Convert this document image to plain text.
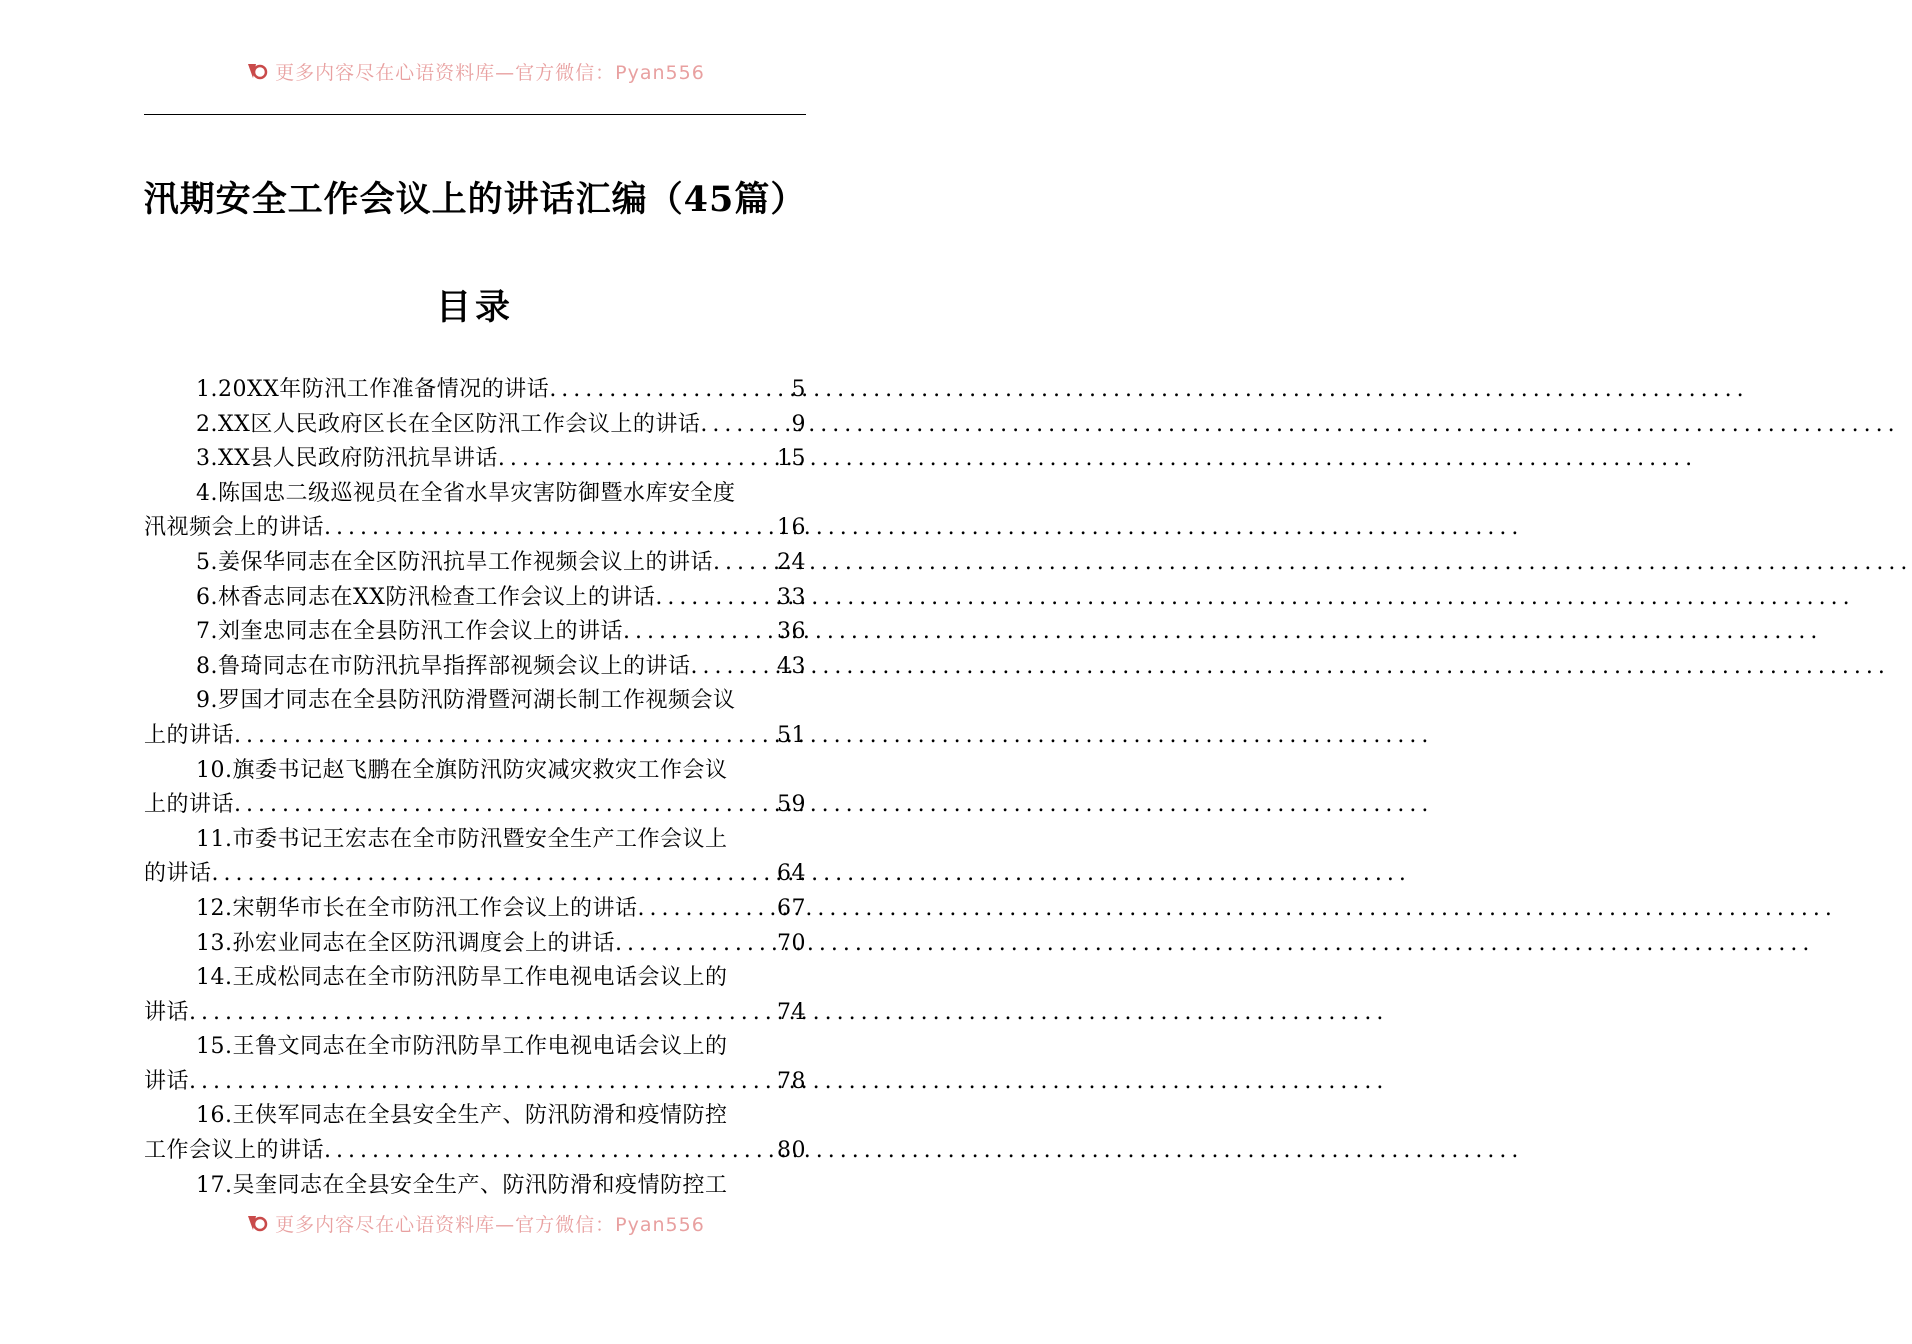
更多内容尽在心语资料库—官方微信：Pyan556
汛期安全工作会议上的讲话汇编（45篇）
目录
1.20XX年防汛工作准备情况的讲话 .....	5
2.XX区人民政府区长在全区防汛工作会议上的讲话 .....	9
3.XX县人民政府防汛抗旱讲话 .....	15
4.陈国忠二级巡视员在全省水旱灾害防御暨水库安全度
汛视频会上的讲话 .....	16
5.姜保华同志在全区防汛抗旱工作视频会议上的讲话 .....	24
6.林香志同志在XX防汛检查工作会议上的讲话 .....	33
7.刘奎忠同志在全县防汛工作会议上的讲话 .....	36
8.鲁琦同志在市防汛抗旱指挥部视频会议上的讲话 .....	43
9.罗国才同志在全县防汛防滑暨河湖长制工作视频会议
上的讲话 .....	51
10.旗委书记赵飞鹏在全旗防汛防灾减灾救灾工作会议
上的讲话 .....	59
11.市委书记王宏志在全市防汛暨安全生产工作会议上
的讲话 .....	64
12.宋朝华市长在全市防汛工作会议上的讲话 .....	67
13.孙宏业同志在全区防汛调度会上的讲话 .....	70
14.王成松同志在全市防汛防旱工作电视电话会议上的
讲话 .....	74
15.王鲁文同志在全市防汛防旱工作电视电话会议上的
讲话 .....	78
16.王侠军同志在全县安全生产、防汛防滑和疫情防控
工作会议上的讲话 .....	80
17.吴奎同志在全县安全生产、防汛防滑和疫情防控工
更多内容尽在心语资料库—官方微信：Pyan556
